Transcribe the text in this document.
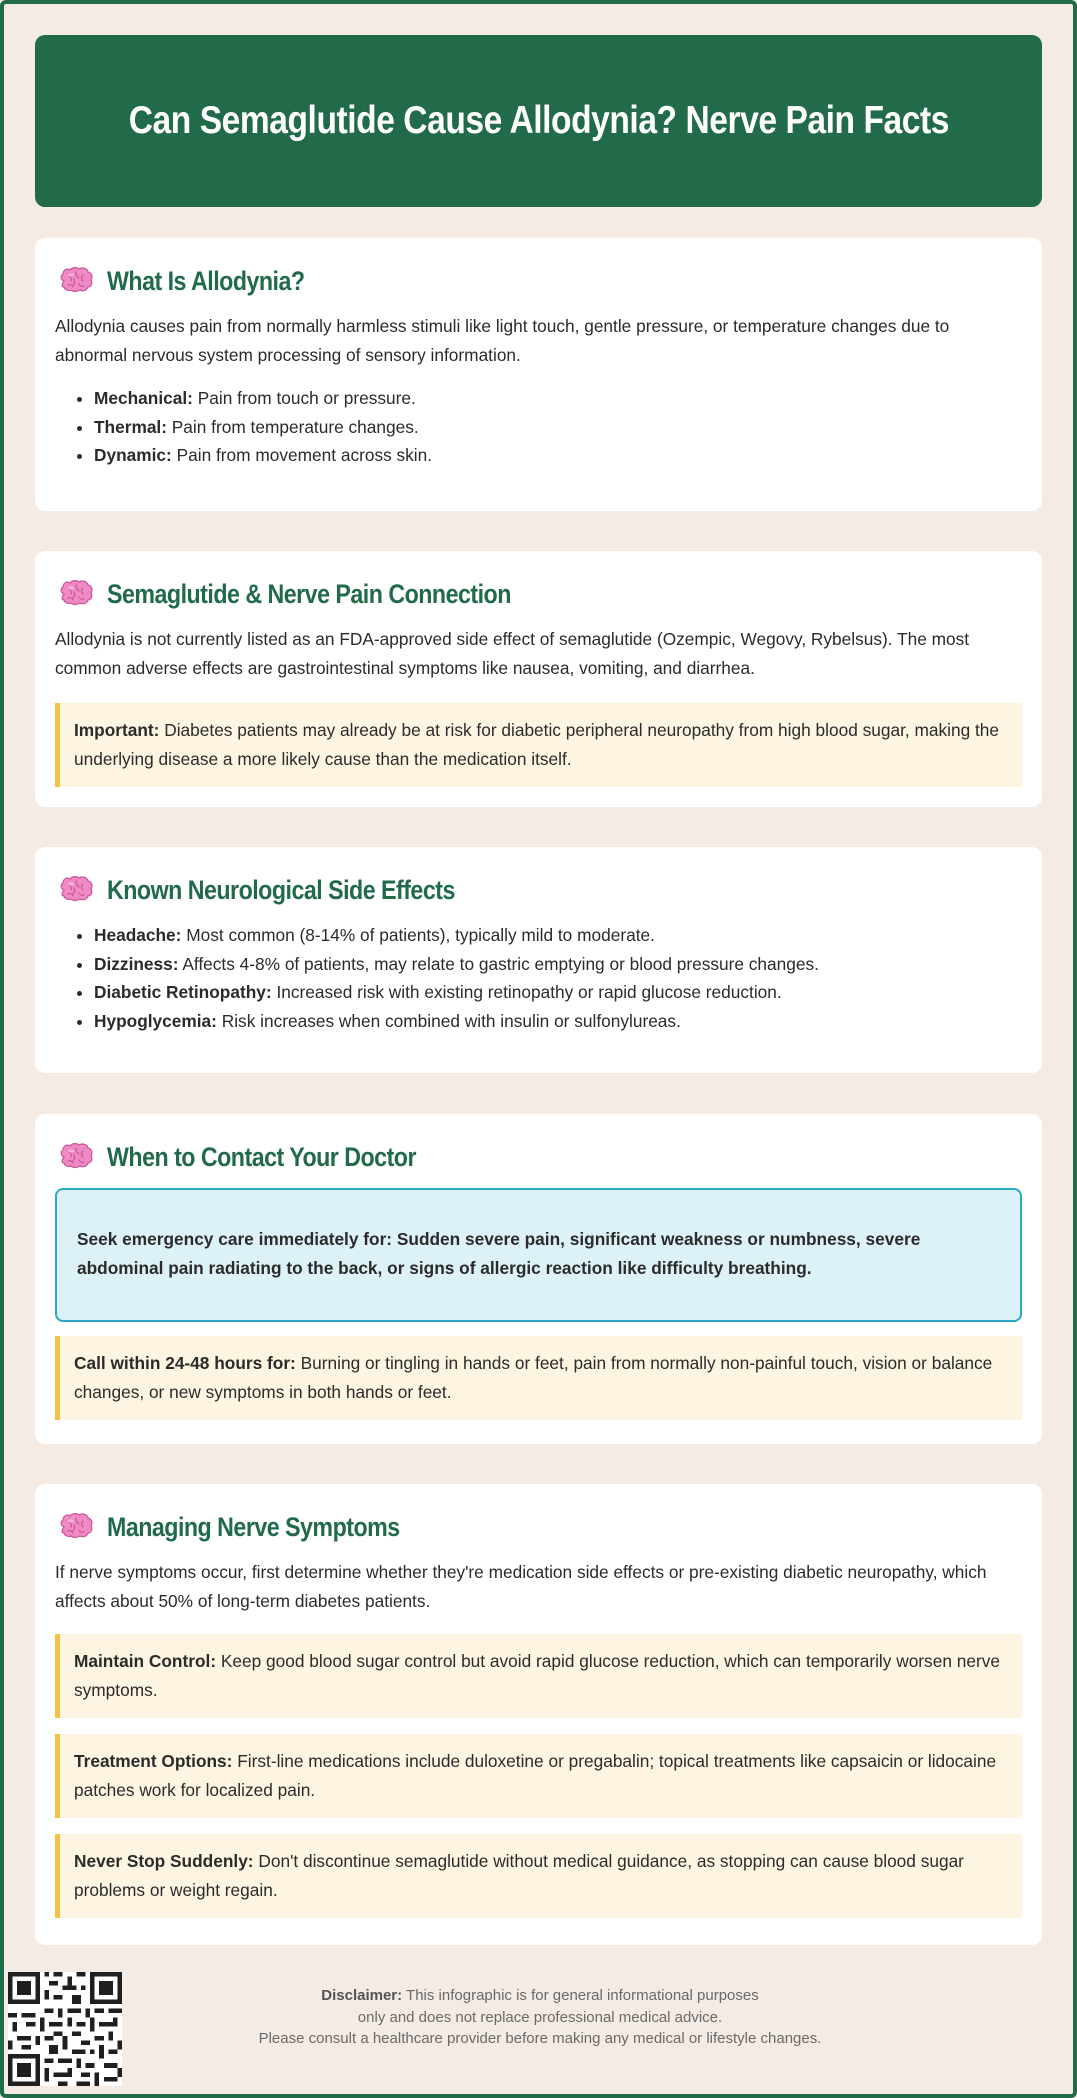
Can Semaglutide Cause Allodynia? Nerve Pain Facts
What Is Allodynia?

Allodynia causes pain from normally harmless stimuli like light touch, gentle pressure, or temperature changes due to abnormal nervous system processing of sensory information.

• Mechanical: Pain from touch or pressure.
• Thermal: Pain from temperature changes.
• Dynamic: Pain from movement across skin.
Semaglutide & Nerve Pain Connection

Allodynia is not currently listed as an FDA-approved side effect of semaglutide (Ozempic, Wegovy, Rybelsus). The most common adverse effects are gastrointestinal symptoms like nausea, vomiting, and diarrhea.

Important: Diabetes patients may already be at risk for diabetic peripheral neuropathy from high blood sugar, making the underlying disease a more likely cause than the medication itself.
Known Neurological Side Effects
• Headache: Most common (8-14% of patients), typically mild to moderate.
• Dizziness: Affects 4-8% of patients, may relate to gastric emptying or blood pressure changes.
• Diabetic Retinopathy: Increased risk with existing retinopathy or rapid glucose reduction.
• Hypoglycemia: Risk increases when combined with insulin or sulfonylureas.
When to Contact Your Doctor
Seek emergency care immediately for: Sudden severe pain, significant weakness or numbness, severe abdominal pain radiating to the back, or signs of allergic reaction like difficulty breathing.
Call within 24-48 hours for: Burning or tingling in hands or feet, pain from normally non-painful touch, vision or balance changes, or new symptoms in both hands or feet.
Managing Nerve Symptoms

If nerve symptoms occur, first determine whether they're medication side effects or pre-existing diabetic neuropathy, which affects about 50% of long-term diabetes patients.

Maintain Control: Keep good blood sugar control but avoid rapid glucose reduction, which can temporarily worsen nerve symptoms.
Treatment Options: First-line medications include duloxetine or pregabalin; topical treatments like capsaicin or lidocaine patches work for localized pain.
Never Stop Suddenly: Don't discontinue semaglutide without medical guidance, as stopping can cause blood sugar problems or weight regain.
Disclaimer: This infographic is for general informational purposes
only and does not replace professional medical advice.
Please consult a healthcare provider before making any medical or lifestyle changes.
